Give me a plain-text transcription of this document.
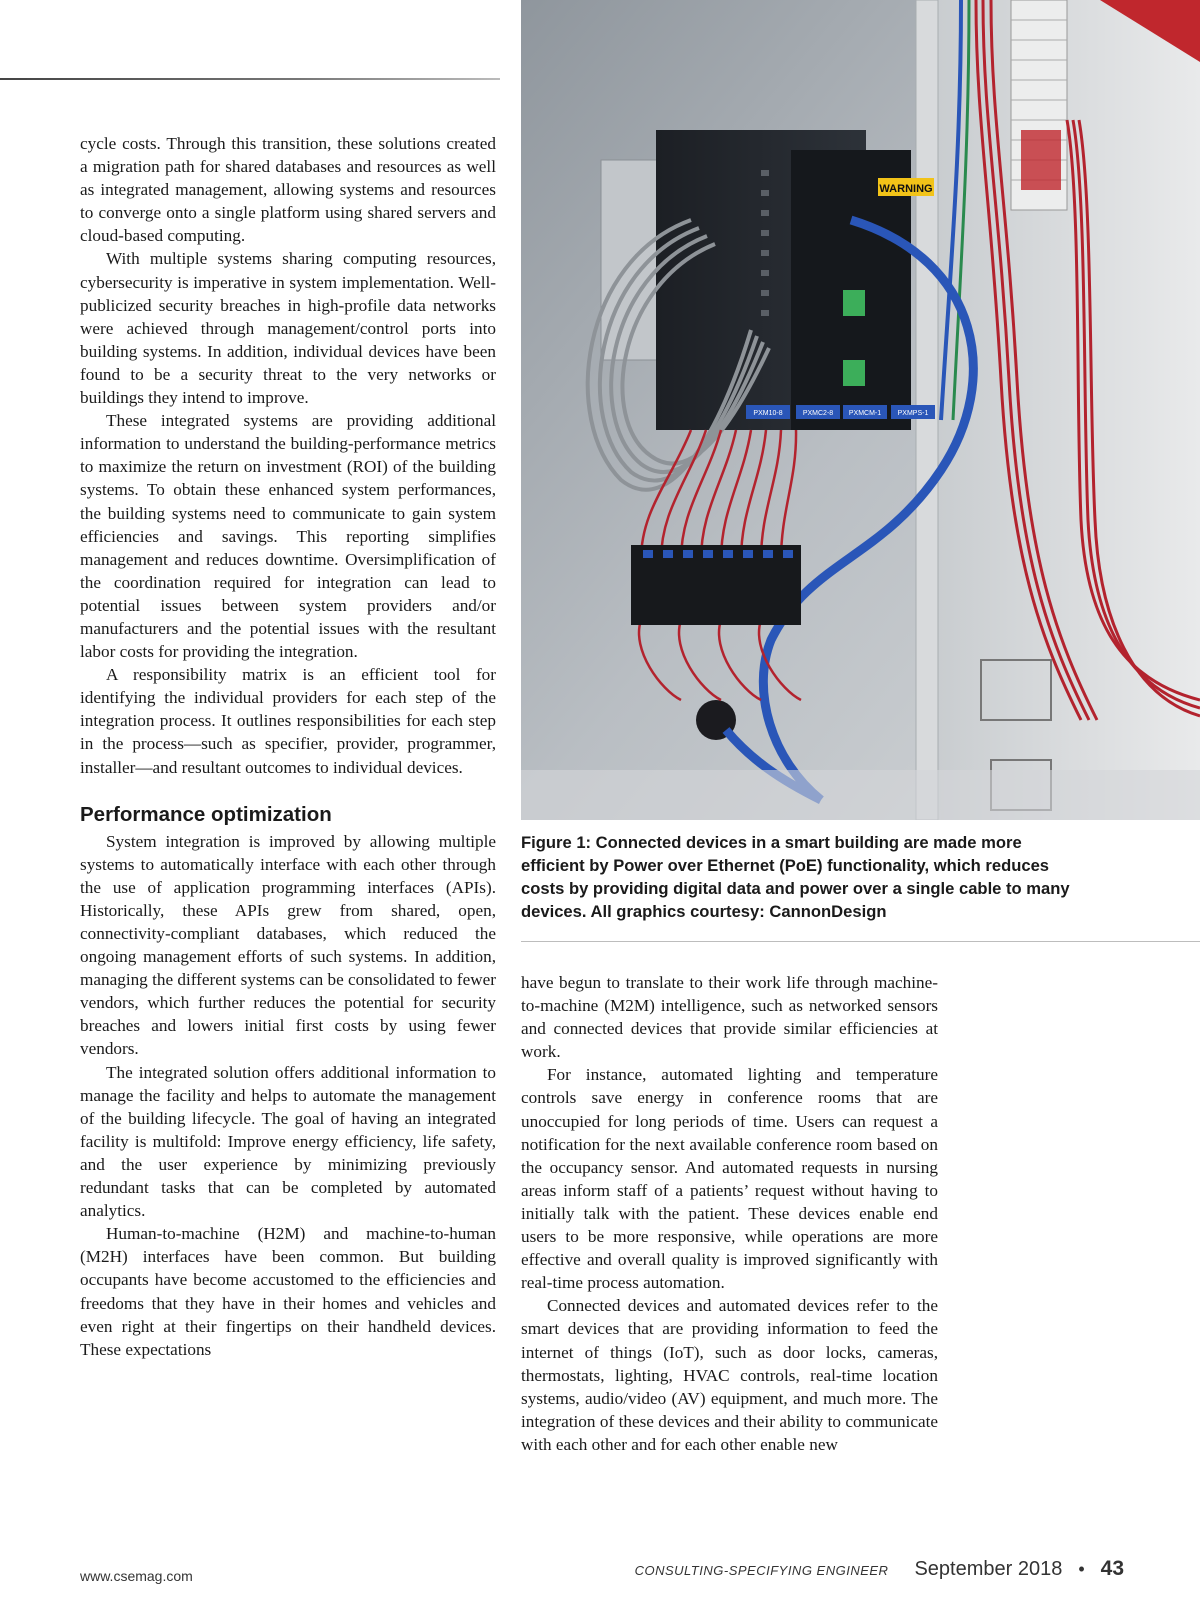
cycle costs. Through this transition, these solutions created a migration path for shared databases and resources as well as integrated management, allowing systems and resources to converge onto a single platform using shared servers and cloud-based computing.

With multiple systems sharing computing resources, cybersecurity is imperative in system implementation. Well-publicized security breaches in high-profile data networks were achieved through management/control ports into building systems. In addition, individual devices have been found to be a security threat to the very networks or buildings they intend to improve.

These integrated systems are providing additional information to understand the building-performance metrics to maximize the return on investment (ROI) of the building systems. To obtain these enhanced system performances, the building systems need to communicate to gain system efficiencies and savings. This reporting simplifies management and reduces downtime. Oversimplification of the coordination required for integration can lead to potential issues between system providers and/or manufacturers and the potential issues with the resultant labor costs for providing the integration.

A responsibility matrix is an efficient tool for identifying the individual providers for each step of the integration process. It outlines responsibilities for each step in the process—such as specifier, provider, programmer, installer—and resultant outcomes to individual devices.

Performance optimization

System integration is improved by allowing multiple systems to automatically interface with each other through the use of application programming interfaces (APIs). Historically, these APIs grew from shared, open, connectivity-compliant databases, which reduced the ongoing management efforts of such systems. In addition, managing the different systems can be consolidated to fewer vendors, which further reduces the potential for security breaches and lowers initial first costs by using fewer vendors.

The integrated solution offers additional information to manage the facility and helps to automate the management of the building lifecycle. The goal of having an integrated facility is multifold: Improve energy efficiency, life safety, and the user experience by minimizing previously redundant tasks that can be completed by automated analytics.

Human-to-machine (H2M) and machine-to-human (M2H) interfaces have been common. But building occupants have become accustomed to the efficiencies and freedoms that they have in their homes and vehicles and even right at their fingertips on their handheld devices. These expectations

WARNING
PXM10-8	PXMC2-8 PXMCM-1 PXMPS-1
Figure 1: Connected devices in a smart building are made more efficient by Power over Ethernet (PoE) functionality, which reduces costs by providing digital data and power over a single cable to many devices. All graphics courtesy: CannonDesign

have begun to translate to their work life through machine-to-machine (M2M) intelligence, such as networked sensors and connected devices that provide similar efficiencies at work.

For instance, automated lighting and temperature controls save energy in conference rooms that are unoccupied for long periods of time. Users can request a notification for the next available conference room based on the occupancy sensor. And automated requests in nursing areas inform staff of a patients’ request without having to initially talk with the patient. These devices enable end users to be more responsive, while operations are more effective and overall quality is improved significantly with real-time process automation.

Connected devices and automated devices refer to the smart devices that are providing information to feed the internet of things (IoT), such as door locks, cameras, thermostats, lighting, HVAC controls, real-time location systems, audio/video (AV) equipment, and much more. The integration of these devices and their ability to communicate with each other and for each other enable new

www.csemag.com	CONSULTING-SPECIFYING ENGINEER September 2018 • 43
